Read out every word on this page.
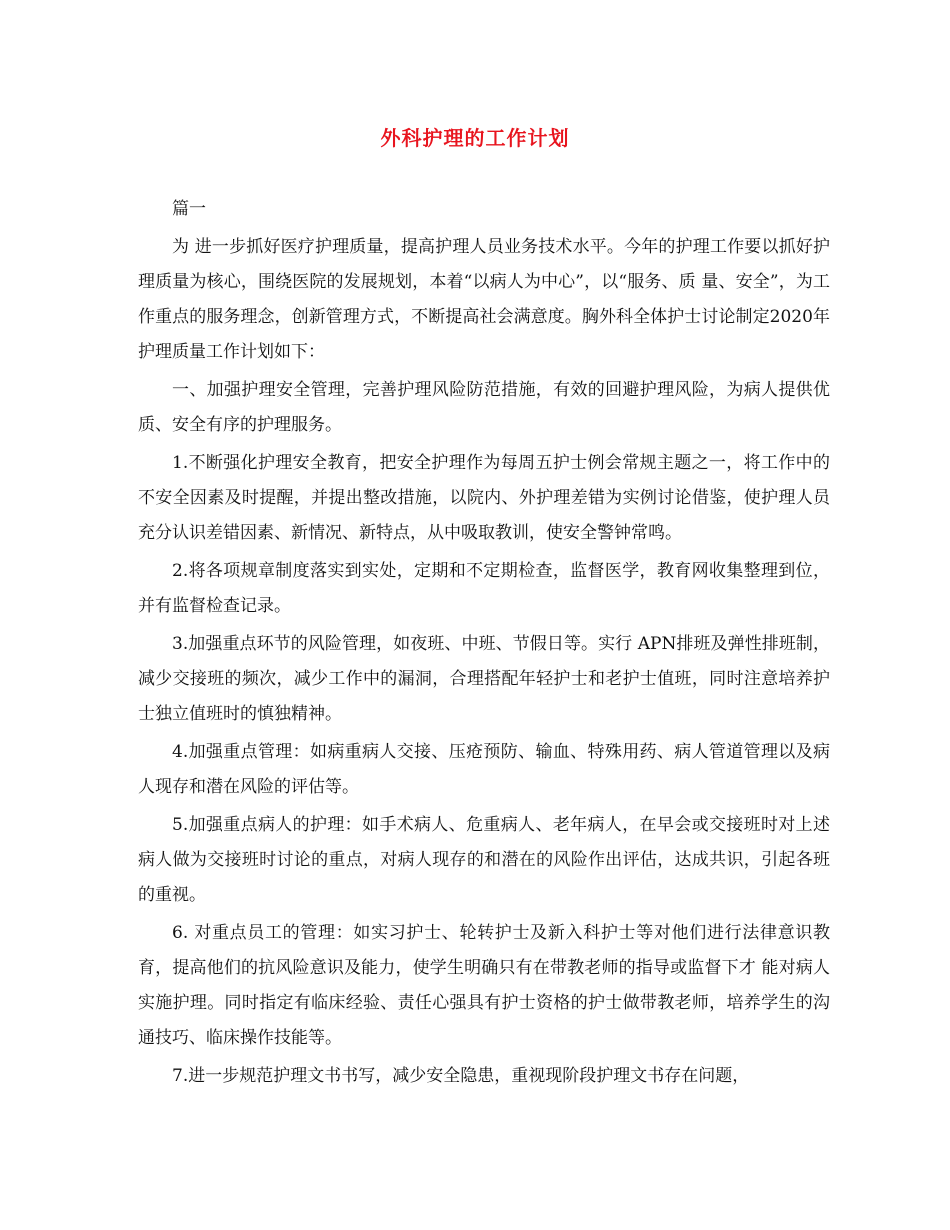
外科护理的工作计划

篇一

为 进一步抓好医疗护理质量，提高护理人员业务技术水平。今年的护理工作要以抓好护理质量为核心，围绕医院的发展规划，本着“以病人为中心”，以“服务、质 量、安全”，为工作重点的服务理念，创新管理方式，不断提高社会满意度。胸外科全体护士讨论制定2020年护理质量工作计划如下：

一、加强护理安全管理，完善护理风险防范措施，有效的回避护理风险，为病人提供优质、安全有序的护理服务。

1.不断强化护理安全教育，把安全护理作为每周五护士例会常规主题之一，将工作中的不安全因素及时提醒，并提出整改措施，以院内、外护理差错为实例讨论借鉴，使护理人员充分认识差错因素、新情况、新特点，从中吸取教训，使安全警钟常鸣。

2.将各项规章制度落实到实处，定期和不定期检查，监督医学，教育网收集整理到位，并有监督检查记录。

3.加强重点环节的风险管理，如夜班、中班、节假日等。实行 APN排班及弹性排班制，减少交接班的频次，减少工作中的漏洞，合理搭配年轻护士和老护士值班，同时注意培养护士独立值班时的慎独精神。

4.加强重点管理：如病重病人交接、压疮预防、输血、特殊用药、病人管道管理以及病人现存和潜在风险的评估等。

5.加强重点病人的护理：如手术病人、危重病人、老年病人，在早会或交接班时对上述病人做为交接班时讨论的重点，对病人现存的和潜在的风险作出评估，达成共识，引起各班的重视。

6. 对重点员工的管理：如实习护士、轮转护士及新入科护士等对他们进行法律意识教育，提高他们的抗风险意识及能力，使学生明确只有在带教老师的指导或监督下才 能对病人实施护理。同时指定有临床经验、责任心强具有护士资格的护士做带教老师，培养学生的沟通技巧、临床操作技能等。

7.进一步规范护理文书书写，减少安全隐患，重视现阶段护理文书存在问题，
